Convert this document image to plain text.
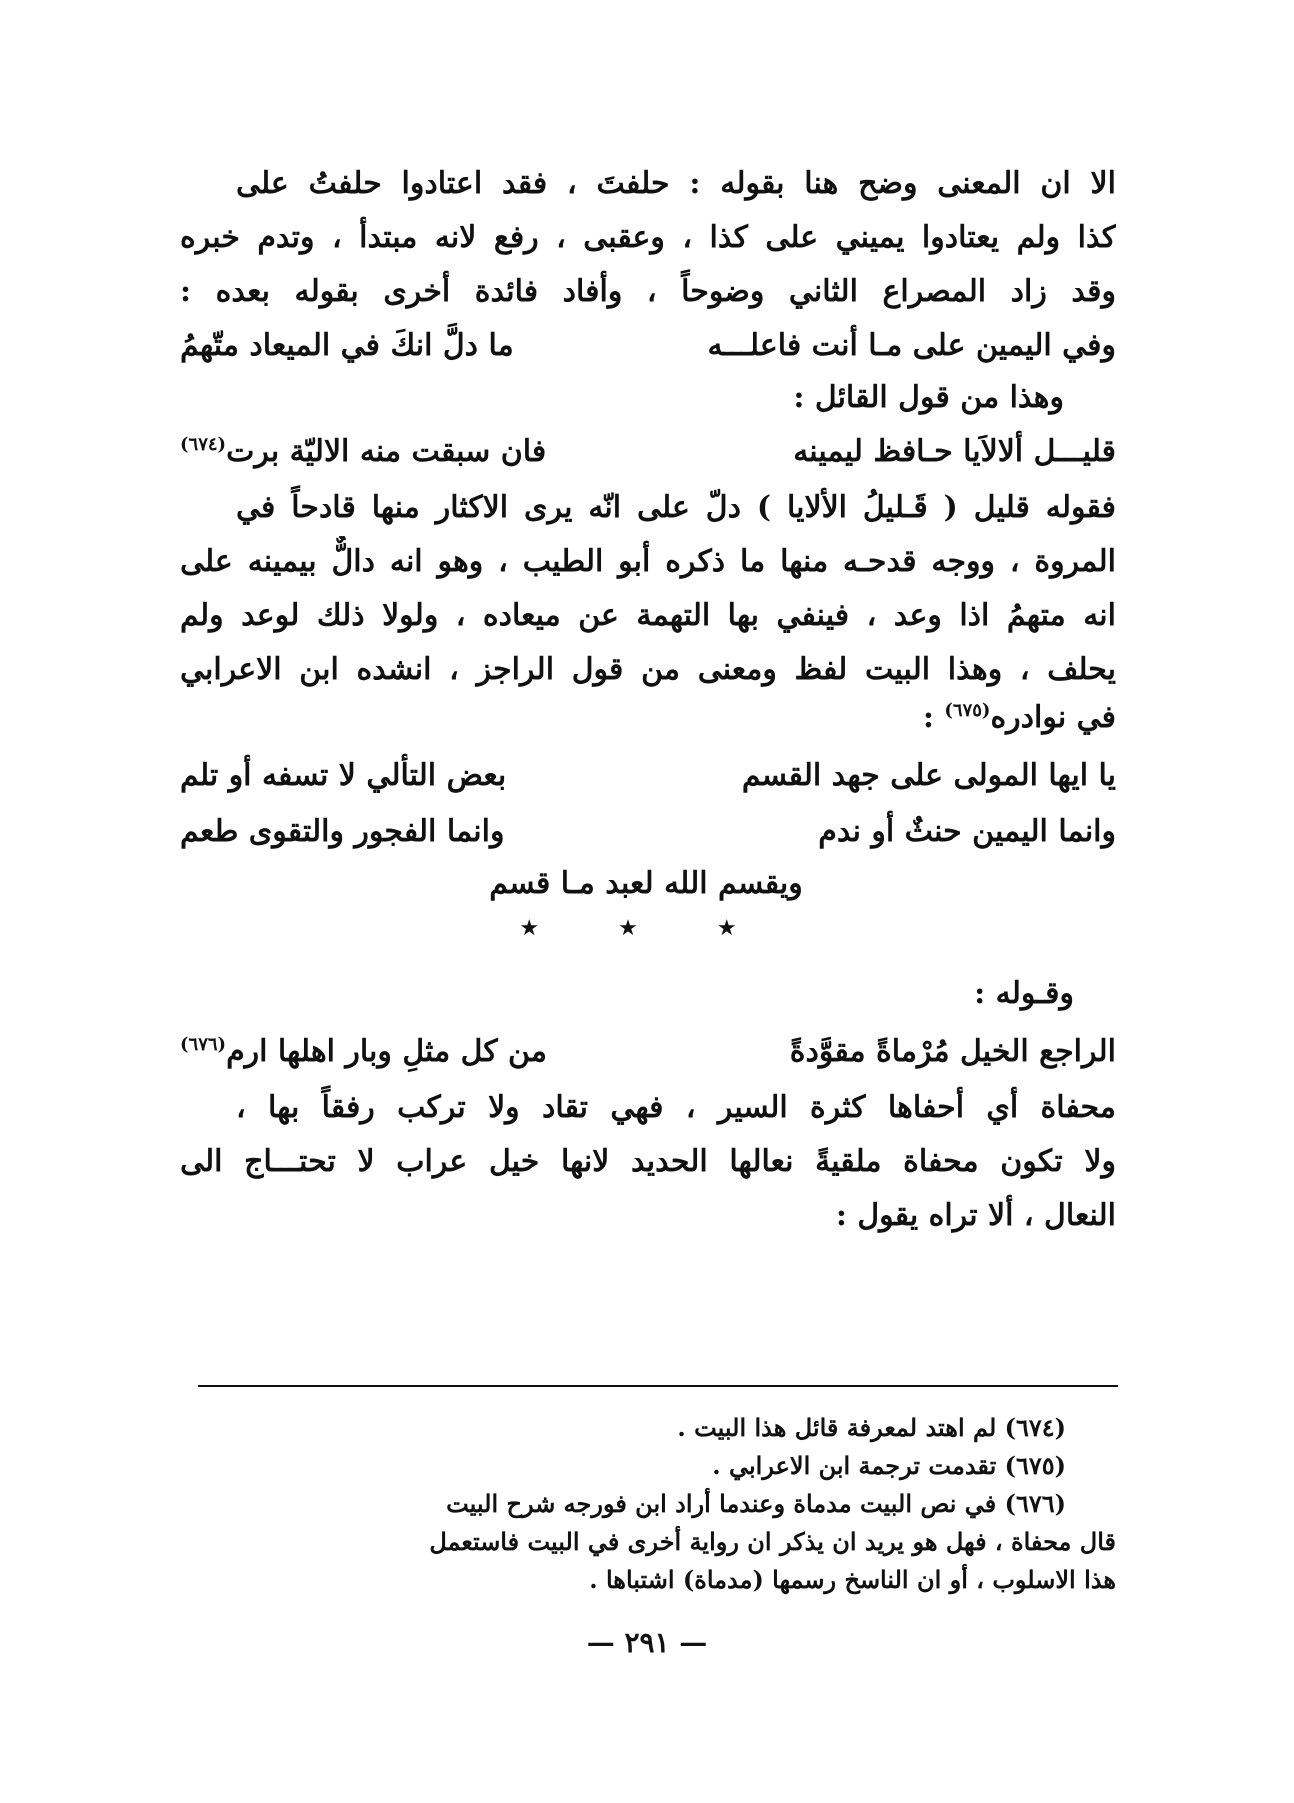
الا ان المعنى وضح هنا بقوله : حلفتَ ، فقد اعتادوا حلفتُ على
كذا ولم يعتادوا يميني على كذا ، وعقبى ، رفع لانه مبتدأ ، وتدم خبره
وقد زاد المصراع الثاني وضوحاً ، وأفاد فائدة أخرى بقوله بعده :
وفي اليمين على مـا أنت فاعلـــه
ما دلَّ انكَ في الميعاد متّهمُ
وهذا من قول القائل :
قليـــل ألالاَيا حـافظ ليمينه
فان سبقت منه الاليّة برت$^{(٦٧٤)}$
فقوله قليل ( قَـليلُ الألايا ) دلّ على انّه يرى الاكثار منها قادحاً في
المروة ، ووجه قدحـه منها ما ذكره أبو الطيب ، وهو انه دالٌّ بيمينه على
انه متهمُ اذا وعد ، فينفي بها التهمة عن ميعاده ، ولولا ذلك لوعد ولم
يحلف ، وهذا البيت لفظ ومعنى من قول الراجز ، انشده ابن الاعرابي
في نوادره$^{(٦٧٥)}$ :
يا ايها المولى على جهد القسم
بعض التألي لا تسفه أو تلم
وانما اليمين حنثٌ أو ندم
وانما الفجور والتقوى طعم
ويقسم الله لعبد مـا قسم
★ ★ ★
وقـوله :
الراجع الخيل مُرْماةً مقوَّدةً
من كل مثلِ وبار اهلها ارم$^{(٦٧٦)}$
محفاة أي أحفاها كثرة السير ، فهي تقاد ولا تركب رفقاً بها ،
ولا تكون محفاة ملقيةً نعالها الحديد لانها خيل عراب لا تحتـــاج الى
النعال ، ألا تراه يقول :
(٦٧٤) لم اهتد لمعرفة قائل هذا البيت .
(٦٧٥) تقدمت ترجمة ابن الاعرابي .
(٦٧٦) في نص البيت مدماة وعندما أراد ابن فورجه شرح البيت
قال محفاة ، فهل هو يريد ان يذكر ان رواية أخرى في البيت فاستعمل
هذا الاسلوب ، أو ان الناسخ رسمها (مدماة) اشتباها .
— ٢٩١ —
